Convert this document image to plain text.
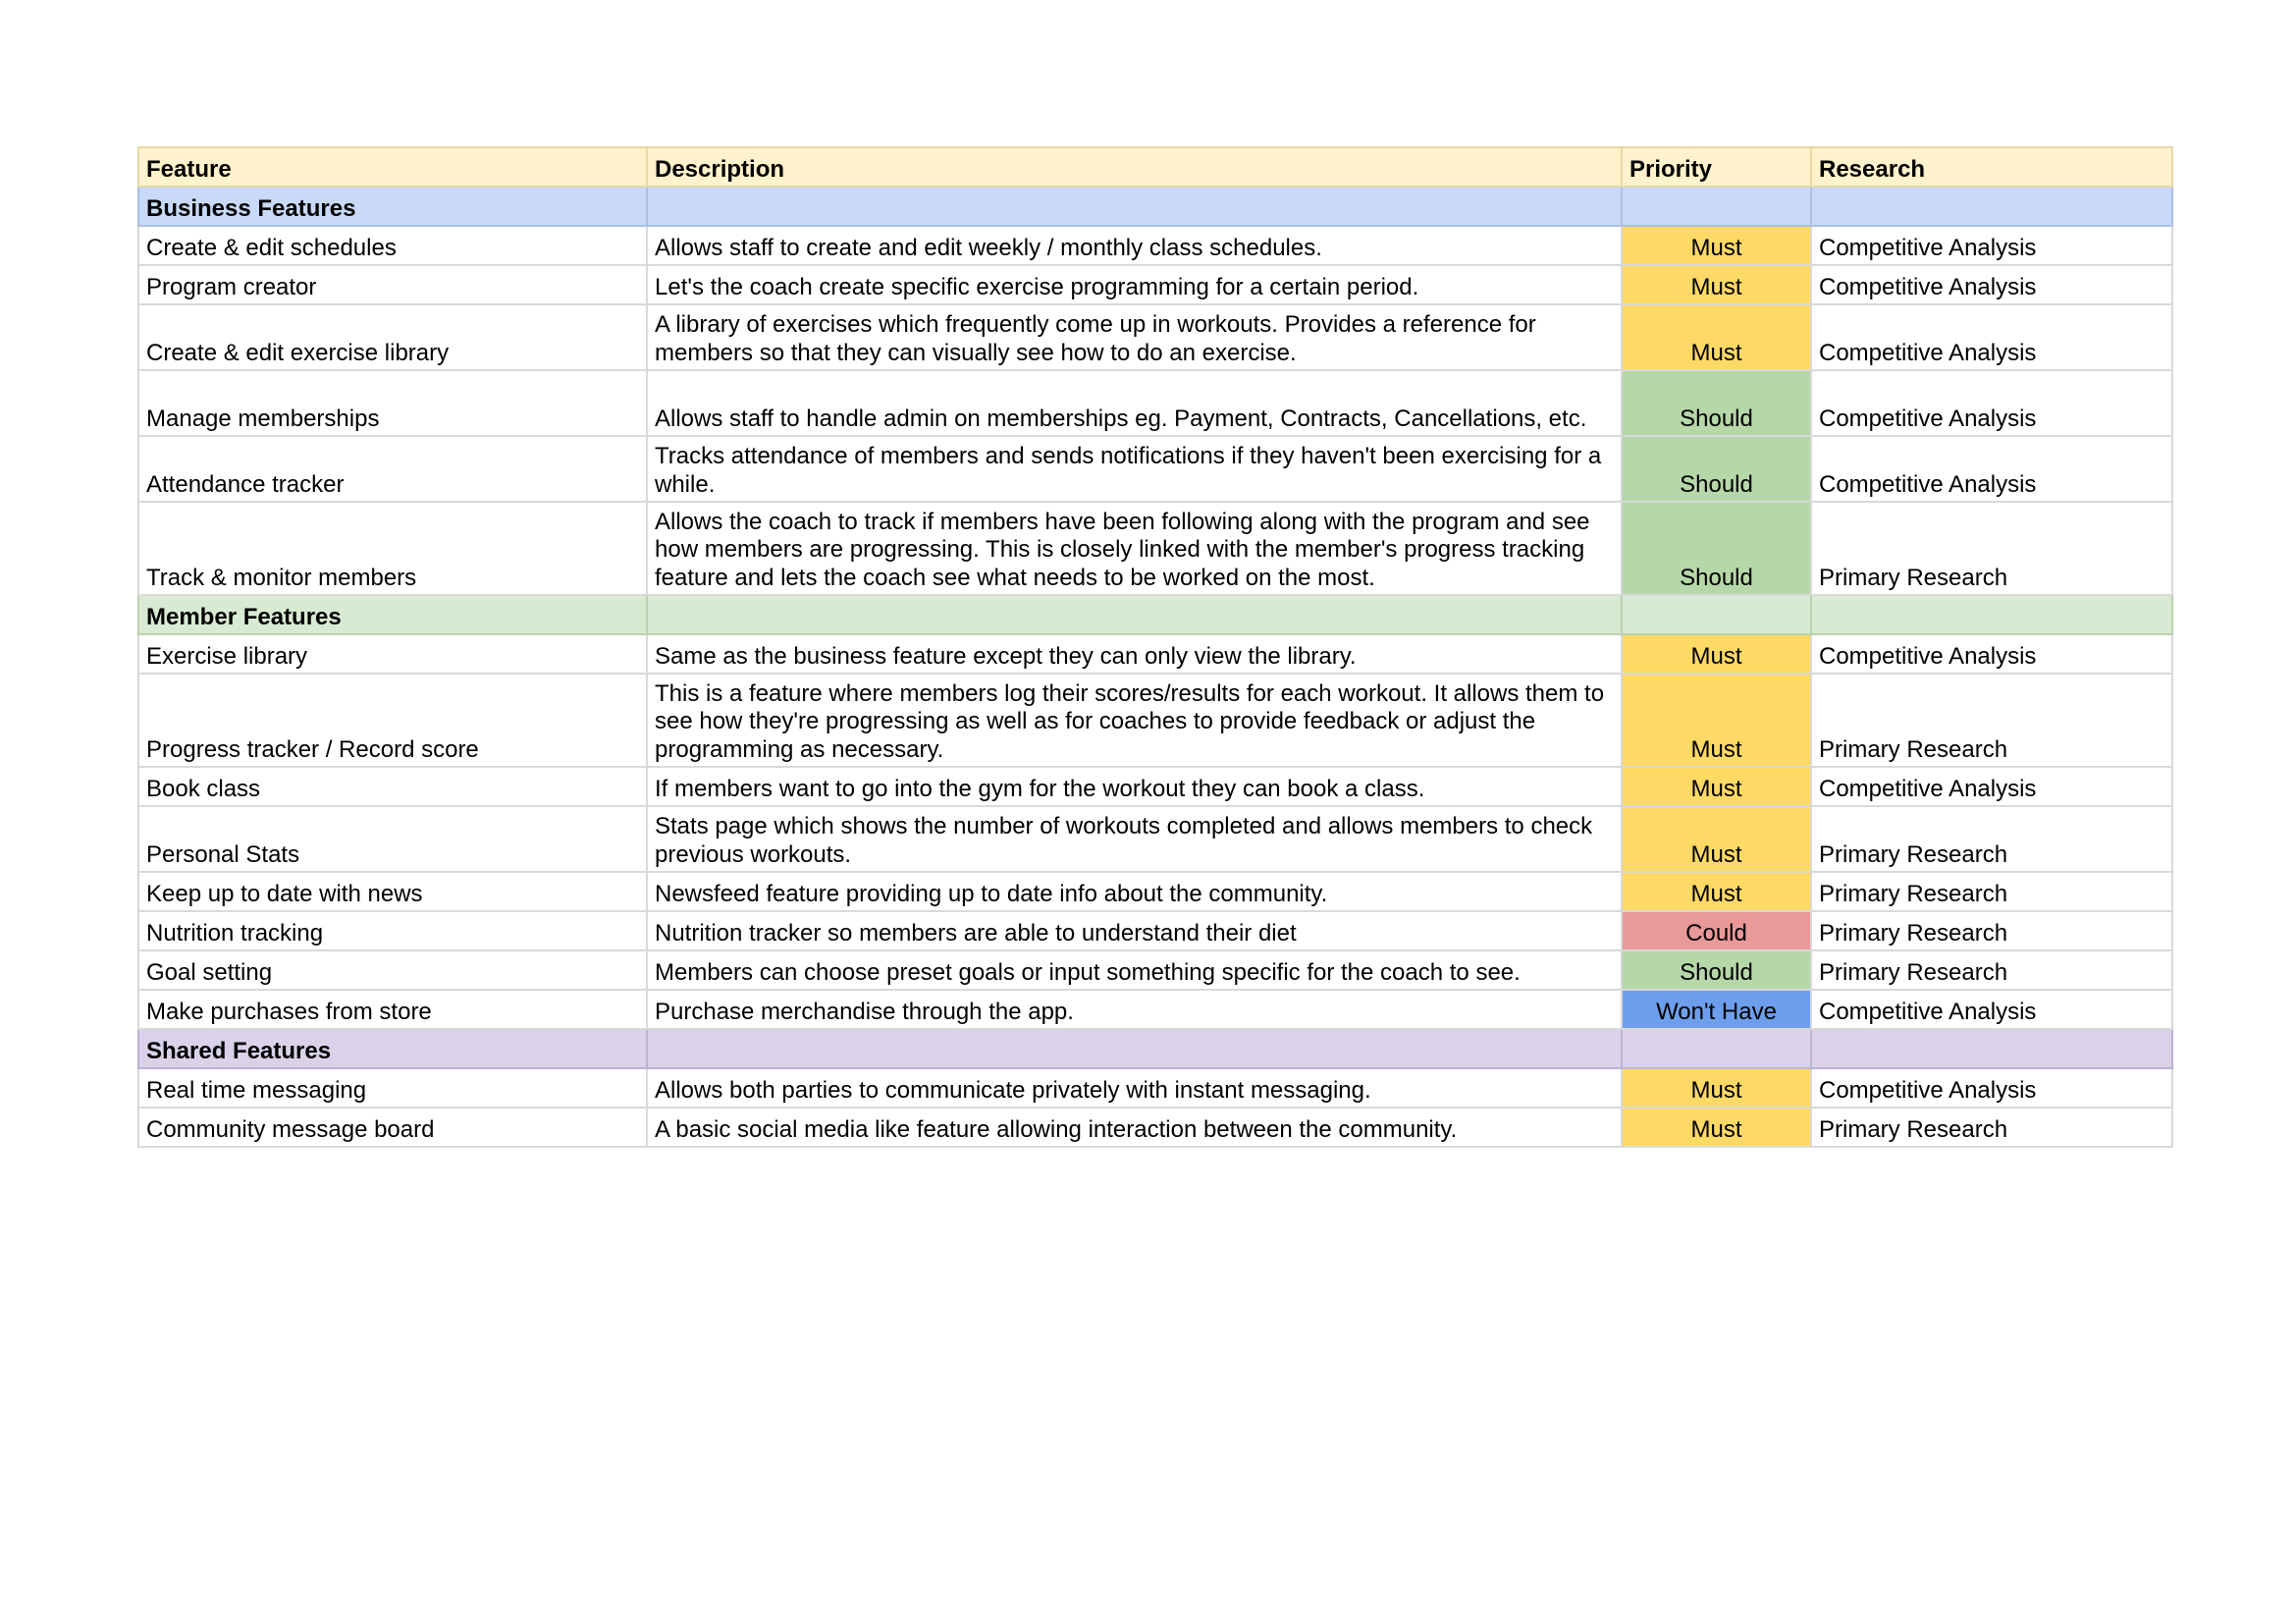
Feature	Description	Priority	Research
Business Features			
Create & edit schedules	Allows staff to create and edit weekly / monthly class schedules.	Must	Competitive Analysis
Program creator	Let's the coach create specific exercise programming for a certain period.	Must	Competitive Analysis
Create & edit exercise library	A library of exercises which frequently come up in workouts. Provides a reference for members so that they can visually see how to do an exercise.	Must	Competitive Analysis
Manage memberships	Allows staff to handle admin on memberships eg. Payment, Contracts, Cancellations, etc.	Should	Competitive Analysis
Attendance tracker	Tracks attendance of members and sends notifications if they haven't been exercising for a while.	Should	Competitive Analysis
Track & monitor members	Allows the coach to track if members have been following along with the program and see how members are progressing. This is closely linked with the member's progress tracking feature and lets the coach see what needs to be worked on the most.	Should	Primary Research
Member Features			
Exercise library	Same as the business feature except they can only view the library.	Must	Competitive Analysis
Progress tracker / Record score	This is a feature where members log their scores/results for each workout. It allows them to see how they're progressing as well as for coaches to provide feedback or adjust the programming as necessary.	Must	Primary Research
Book class	If members want to go into the gym for the workout they can book a class.	Must	Competitive Analysis
Personal Stats	Stats page which shows the number of workouts completed and allows members to check previous workouts.	Must	Primary Research
Keep up to date with news	Newsfeed feature providing up to date info about the community.	Must	Primary Research
Nutrition tracking	Nutrition tracker so members are able to understand their diet	Could	Primary Research
Goal setting	Members can choose preset goals or input something specific for the coach to see.	Should	Primary Research
Make purchases from store	Purchase merchandise through the app.	Won't Have	Competitive Analysis
Shared Features			
Real time messaging	Allows both parties to communicate privately with instant messaging.	Must	Competitive Analysis
Community message board	A basic social media like feature allowing interaction between the community.	Must	Primary Research
